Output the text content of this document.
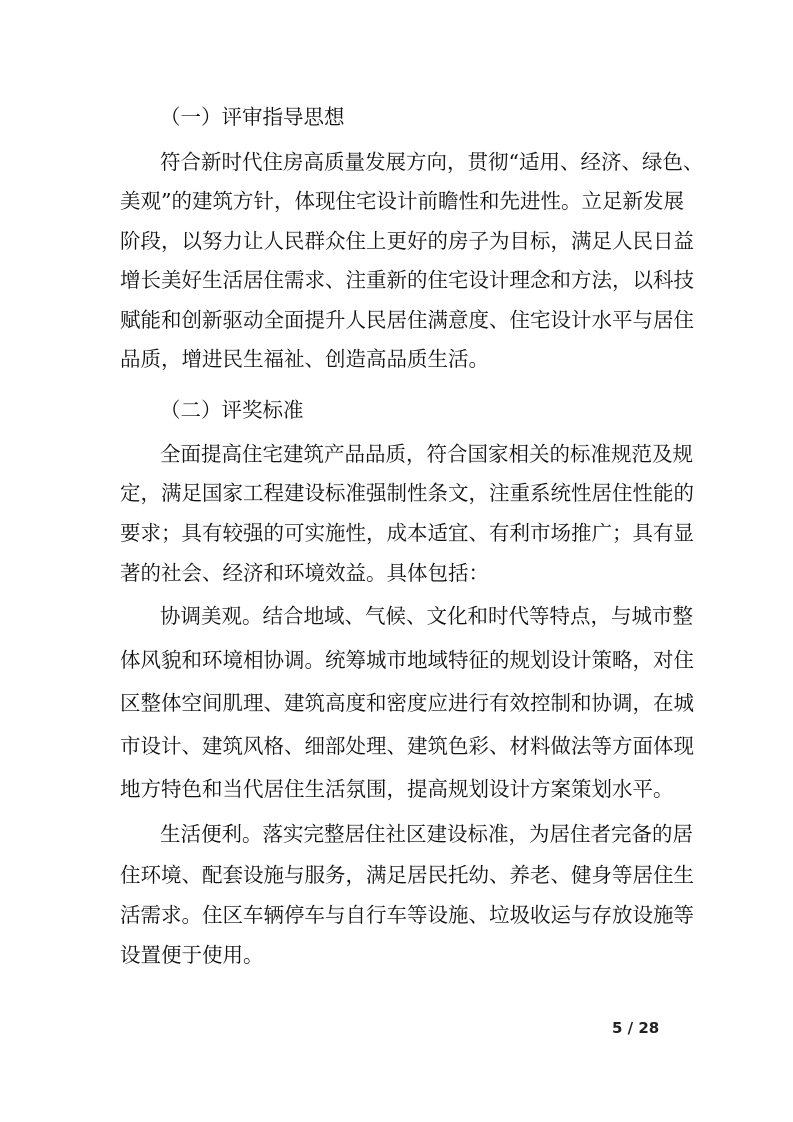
（一）评审指导思想
符合新时代住房高质量发展方向，贯彻“适用、经济、绿色、
美观”的建筑方针，体现住宅设计前瞻性和先进性。立足新发展
阶段，以努力让人民群众住上更好的房子为目标，满足人民日益
增长美好生活居住需求、注重新的住宅设计理念和方法，以科技
赋能和创新驱动全面提升人民居住满意度、住宅设计水平与居住
品质，增进民生福祉、创造高品质生活。
（二）评奖标准
全面提高住宅建筑产品品质，符合国家相关的标准规范及规
定，满足国家工程建设标准强制性条文，注重系统性居住性能的
要求；具有较强的可实施性，成本适宜、有利市场推广；具有显
著的社会、经济和环境效益。具体包括：
协调美观。结合地域、气候、文化和时代等特点，与城市整
体风貌和环境相协调。统筹城市地域特征的规划设计策略，对住
区整体空间肌理、建筑高度和密度应进行有效控制和协调，在城
市设计、建筑风格、细部处理、建筑色彩、材料做法等方面体现
地方特色和当代居住生活氛围，提高规划设计方案策划水平。
生活便利。落实完整居住社区建设标准，为居住者完备的居
住环境、配套设施与服务，满足居民托幼、养老、健身等居住生
活需求。住区车辆停车与自行车等设施、垃圾收运与存放设施等
设置便于使用。
5 / 28
